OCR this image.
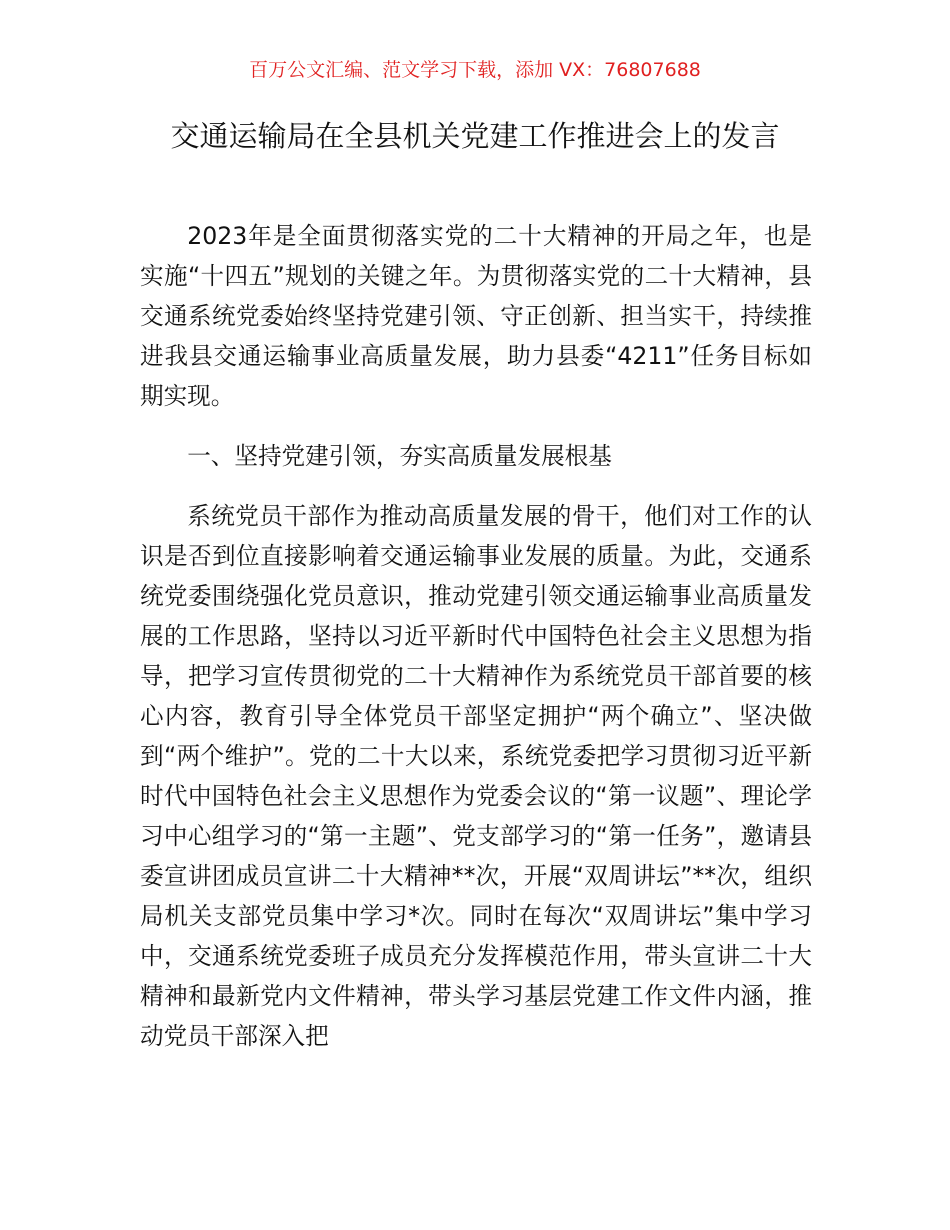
百万公文汇编、范文学习下载，添加 VX：76807688
交通运输局在全县机关党建工作推进会上的发言

2023年是全面贯彻落实党的二十大精神的开局之年，也是实施“十四五”规划的关键之年。为贯彻落实党的二十大精神，县交通系统党委始终坚持党建引领、守正创新、担当实干，持续推进我县交通运输事业高质量发展，助力县委“4211”任务目标如期实现。

一、坚持党建引领，夯实高质量发展根基

系统党员干部作为推动高质量发展的骨干，他们对工作的认识是否到位直接影响着交通运输事业发展的质量。为此，交通系统党委围绕强化党员意识，推动党建引领交通运输事业高质量发展的工作思路，坚持以习近平新时代中国特色社会主义思想为指导，把学习宣传贯彻党的二十大精神作为系统党员干部首要的核心内容，教育引导全体党员干部坚定拥护“两个确立”、坚决做到“两个维护”。党的二十大以来，系统党委把学习贯彻习近平新时代中国特色社会主义思想作为党委会议的“第一议题”、理论学习中心组学习的“第一主题”、党支部学习的“第一任务”，邀请县委宣讲团成员宣讲二十大精神**次，开展“双周讲坛”**次，组织局机关支部党员集中学习*次。同时在每次“双周讲坛”集中学习中，交通系统党委班子成员充分发挥模范作用，带头宣讲二十大精神和最新党内文件精神，带头学习基层党建工作文件内涵，推动党员干部深入把
